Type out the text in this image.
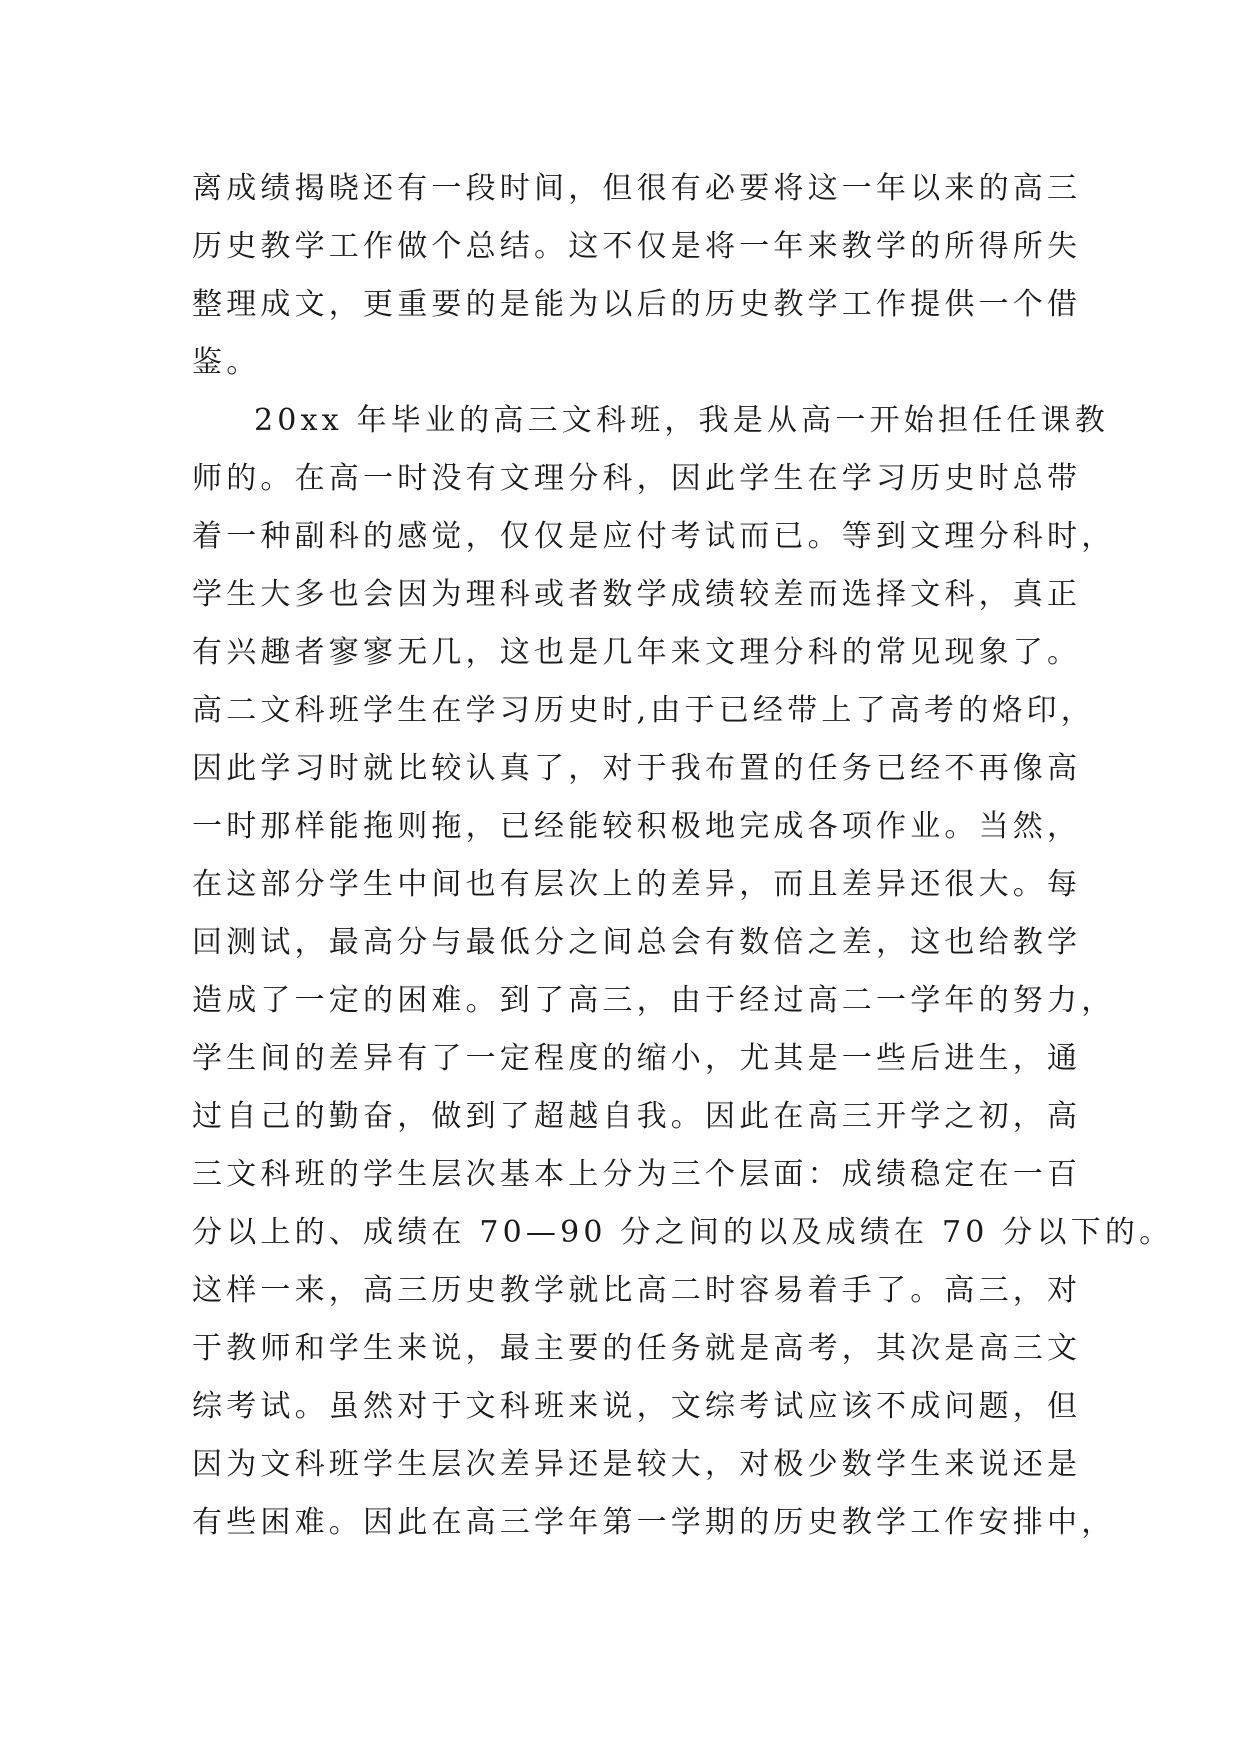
离成绩揭晓还有一段时间，但很有必要将这一年以来的高三
历史教学工作做个总结。这不仅是将一年来教学的所得所失
整理成文，更重要的是能为以后的历史教学工作提供一个借
鉴。
20xx 年毕业的高三文科班，我是从高一开始担任任课教
师的。在高一时没有文理分科，因此学生在学习历史时总带
着一种副科的感觉，仅仅是应付考试而已。等到文理分科时，
学生大多也会因为理科或者数学成绩较差而选择文科，真正
有兴趣者寥寥无几，这也是几年来文理分科的常见现象了。
高二文科班学生在学习历史时,由于已经带上了高考的烙印，
因此学习时就比较认真了，对于我布置的任务已经不再像高
一时那样能拖则拖，已经能较积极地完成各项作业。当然，
在这部分学生中间也有层次上的差异，而且差异还很大。每
回测试，最高分与最低分之间总会有数倍之差，这也给教学
造成了一定的困难。到了高三，由于经过高二一学年的努力，
学生间的差异有了一定程度的缩小，尤其是一些后进生，通
过自己的勤奋，做到了超越自我。因此在高三开学之初，高
三文科班的学生层次基本上分为三个层面：成绩稳定在一百
分以上的、成绩在 70—90 分之间的以及成绩在 70 分以下的。
这样一来，高三历史教学就比高二时容易着手了。高三，对
于教师和学生来说，最主要的任务就是高考，其次是高三文
综考试。虽然对于文科班来说，文综考试应该不成问题，但
因为文科班学生层次差异还是较大，对极少数学生来说还是
有些困难。因此在高三学年第一学期的历史教学工作安排中，
